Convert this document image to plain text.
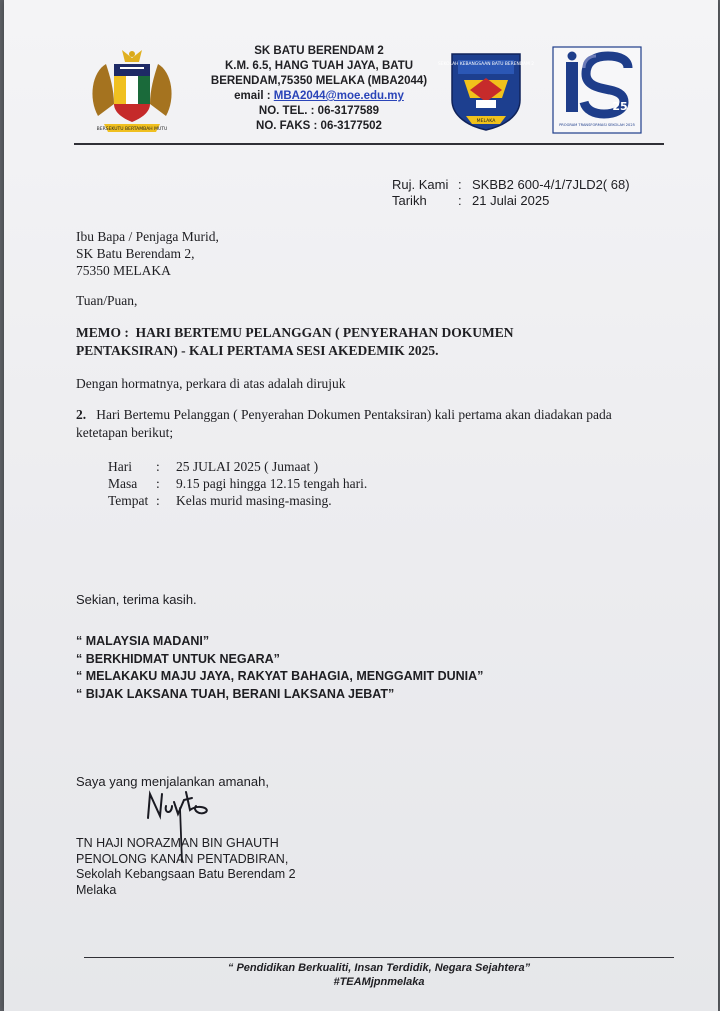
BERSEKUTU BERTAMBAH MUTU
SK BATU BERENDAM 2
K.M. 6.5, HANG TUAH JAYA, BATU
BERENDAM,75350 MELAKA (MBA2044)
email : MBA2044@moe.edu.my
NO. TEL. : 06-3177589
NO. FAKS : 06-3177502
SEKOLAH KEBANGSAAN BATU BERENDAM 2
MELAKA
25
PROGRAM TRANSFORMASI SEKOLAH 2025
Ruj. Kami : SKBB2 600-4/1/7JLD2( 68)
Tarikh : 21 Julai 2025
Ibu Bapa / Penjaga Murid,
SK Batu Berendam 2,
75350 MELAKA
Tuan/Puan,
MEMO : HARI BERTEMU PELANGGAN ( PENYERAHAN DOKUMEN
PENTAKSIRAN) - KALI PERTAMA SESI AKEDEMIK 2025.
Dengan hormatnya, perkara di atas adalah dirujuk
2. Hari Bertemu Pelanggan ( Penyerahan Dokumen Pentaksiran) kali pertama akan diadakan pada ketetapan berikut;
Hari : 25 JULAI 2025 ( Jumaat )
Masa : 9.15 pagi hingga 12.15 tengah hari.
Tempat : Kelas murid masing-masing.
Sekian, terima kasih.
“ MALAYSIA MADANI”
“ BERKHIDMAT UNTUK NEGARA”
“ MELAKAKU MAJU JAYA, RAKYAT BAHAGIA, MENGGAMIT DUNIA”
“ BIJAK LAKSANA TUAH, BERANI LAKSANA JEBAT”
Saya yang menjalankan amanah,
TN HAJI NORAZMAN BIN GHAUTH
PENOLONG KANAN PENTADBIRAN,
Sekolah Kebangsaan Batu Berendam 2
Melaka
“ Pendidikan Berkualiti, Insan Terdidik, Negara Sejahtera”
#TEAMjpnmelaka
